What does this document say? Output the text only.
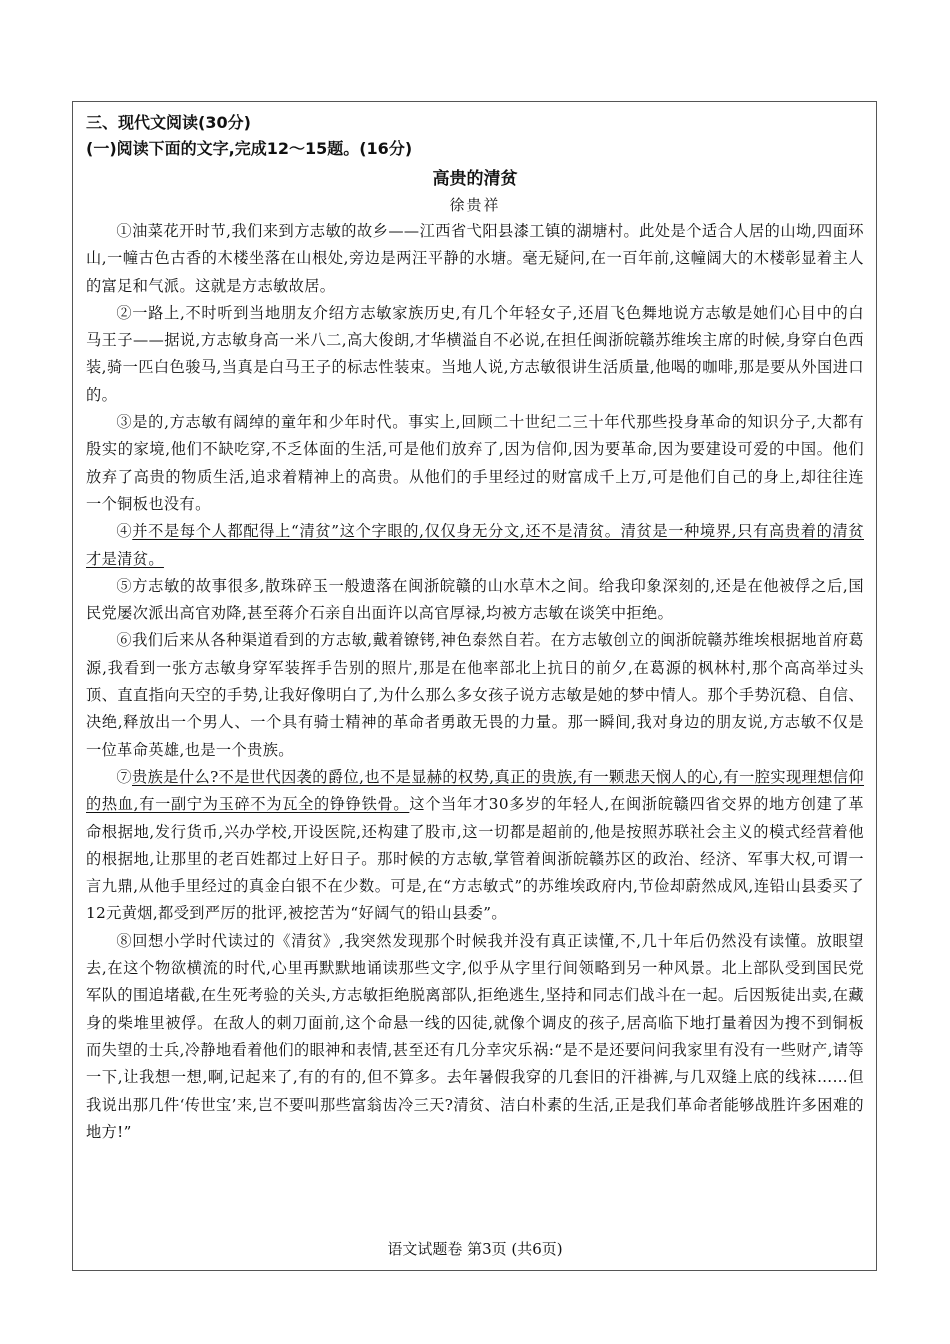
三、现代文阅读(30分)

(一)阅读下面的文字,完成12～15题。(16分)

高贵的清贫

徐贵祥

①油菜花开时节,我们来到方志敏的故乡——江西省弋阳县漆工镇的湖塘村。此处是个适合人居的山坳,四面环山,一幢古色古香的木楼坐落在山根处,旁边是两汪平静的水塘。毫无疑问,在一百年前,这幢阔大的木楼彰显着主人的富足和气派。这就是方志敏故居。

②一路上,不时听到当地朋友介绍方志敏家族历史,有几个年轻女子,还眉飞色舞地说方志敏是她们心目中的白马王子——据说,方志敏身高一米八二,高大俊朗,才华横溢自不必说,在担任闽浙皖赣苏维埃主席的时候,身穿白色西装,骑一匹白色骏马,当真是白马王子的标志性装束。当地人说,方志敏很讲生活质量,他喝的咖啡,那是要从外国进口的。

③是的,方志敏有阔绰的童年和少年时代。事实上,回顾二十世纪二三十年代那些投身革命的知识分子,大都有殷实的家境,他们不缺吃穿,不乏体面的生活,可是他们放弃了,因为信仰,因为要革命,因为要建设可爱的中国。他们放弃了高贵的物质生活,追求着精神上的高贵。从他们的手里经过的财富成千上万,可是他们自己的身上,却往往连一个铜板也没有。

④并不是每个人都配得上“清贫”这个字眼的,仅仅身无分文,还不是清贫。清贫是一种境界,只有高贵着的清贫才是清贫。

⑤方志敏的故事很多,散珠碎玉一般遗落在闽浙皖赣的山水草木之间。给我印象深刻的,还是在他被俘之后,国民党屡次派出高官劝降,甚至蒋介石亲自出面许以高官厚禄,均被方志敏在谈笑中拒绝。

⑥我们后来从各种渠道看到的方志敏,戴着镣铐,神色泰然自若。在方志敏创立的闽浙皖赣苏维埃根据地首府葛源,我看到一张方志敏身穿军装挥手告别的照片,那是在他率部北上抗日的前夕,在葛源的枫林村,那个高高举过头顶、直直指向天空的手势,让我好像明白了,为什么那么多女孩子说方志敏是她的梦中情人。那个手势沉稳、自信、决绝,释放出一个男人、一个具有骑士精神的革命者勇敢无畏的力量。那一瞬间,我对身边的朋友说,方志敏不仅是一位革命英雄,也是一个贵族。

⑦贵族是什么?不是世代因袭的爵位,也不是显赫的权势,真正的贵族,有一颗悲天悯人的心,有一腔实现理想信仰的热血,有一副宁为玉碎不为瓦全的铮铮铁骨。这个当年才30多岁的年轻人,在闽浙皖赣四省交界的地方创建了革命根据地,发行货币,兴办学校,开设医院,还构建了股市,这一切都是超前的,他是按照苏联社会主义的模式经营着他的根据地,让那里的老百姓都过上好日子。那时候的方志敏,掌管着闽浙皖赣苏区的政治、经济、军事大权,可谓一言九鼎,从他手里经过的真金白银不在少数。可是,在“方志敏式”的苏维埃政府内,节俭却蔚然成风,连铅山县委买了12元黄烟,都受到严厉的批评,被挖苦为“好阔气的铅山县委”。

⑧回想小学时代读过的《清贫》,我突然发现那个时候我并没有真正读懂,不,几十年后仍然没有读懂。放眼望去,在这个物欲横流的时代,心里再默默地诵读那些文字,似乎从字里行间领略到另一种风景。北上部队受到国民党军队的围追堵截,在生死考验的关头,方志敏拒绝脱离部队,拒绝逃生,坚持和同志们战斗在一起。后因叛徒出卖,在藏身的柴堆里被俘。在敌人的刺刀面前,这个命悬一线的囚徒,就像个调皮的孩子,居高临下地打量着因为搜不到铜板而失望的士兵,冷静地看着他们的眼神和表情,甚至还有几分幸灾乐祸:“是不是还要问问我家里有没有一些财产,请等一下,让我想一想,啊,记起来了,有的有的,但不算多。去年暑假我穿的几套旧的汗褂裤,与几双缝上底的线袜……但我说出那几件‘传世宝’来,岂不要叫那些富翁齿冷三天?清贫、洁白朴素的生活,正是我们革命者能够战胜许多困难的地方!”

语文试题卷 第3页 (共6页)
